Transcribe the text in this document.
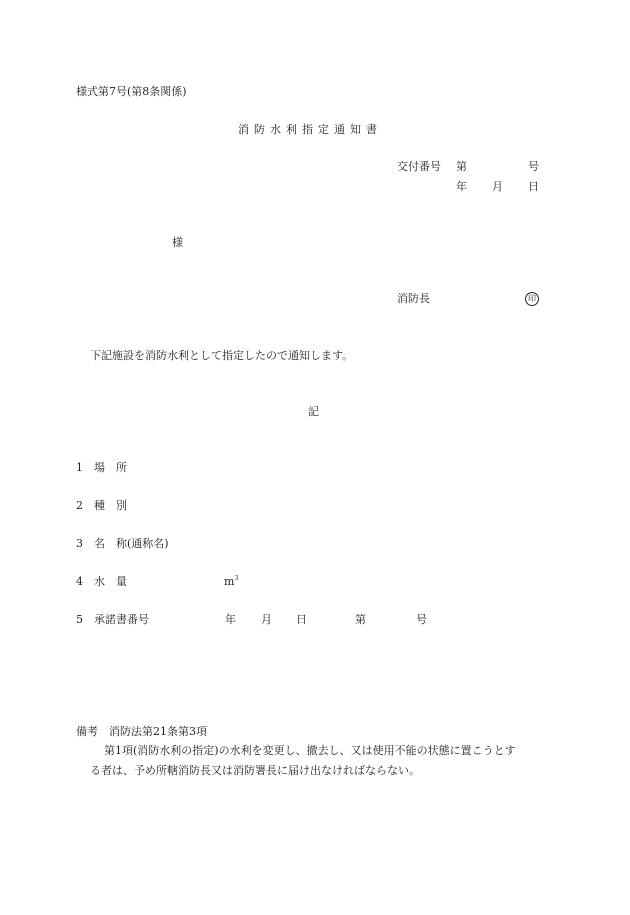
様式第7号(第8条関係)
消防水利指定通知書
交付番号 第	号
年 月 日
様
消防長	印
下記施設を消防水利として指定したので通知します。
記
1 場　所
2 種　別
3 名　称(通称名)
4 水　量	$m^3$
5 承諾書番号	年 月 日	第	号
備考　消防法第21条第3項
第1項(消防水利の指定)の水利を変更し、撤去し、又は使用不能の状態に置こうとす
る者は、予め所轄消防長又は消防署長に届け出なければならない。
